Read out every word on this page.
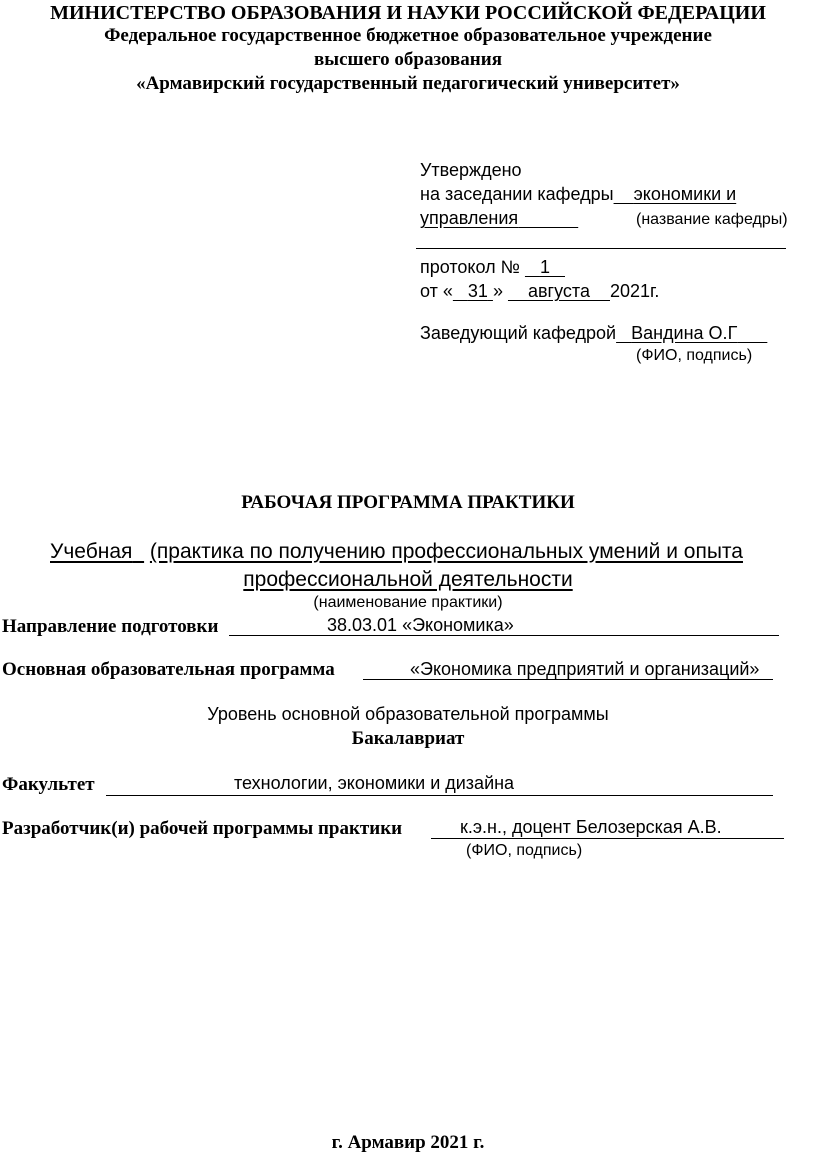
МИНИСТЕРСТВО ОБРАЗОВАНИЯ И НАУКИ РОССИЙСКОЙ ФЕДЕРАЦИИ
Федеральное государственное бюджетное образовательное учреждение
высшего образования
«Армавирский государственный педагогический университет»
Утверждено
на заседании кафедры экономики и
управления	(название кафедры)
протокол № 1
от « 31 » августа 2021г.
Заведующий кафедрой Вандина О.Г
(ФИО, подпись)
РАБОЧАЯ ПРОГРАММА ПРАКТИКИ
Учебная (практика по получению профессиональных умений и опыта
профессиональной деятельности
(наименование практики)
Направление подготовки	38.03.01 «Экономика»
Основная образовательная программа	«Экономика предприятий и организаций»
Уровень основной образовательной программы
Бакалавриат
Факультет	технологии, экономики и дизайна
Разработчик(и) рабочей программы практики	к.э.н., доцент Белозерская А.В.
(ФИО, подпись)
г. Армавир 2021 г.
